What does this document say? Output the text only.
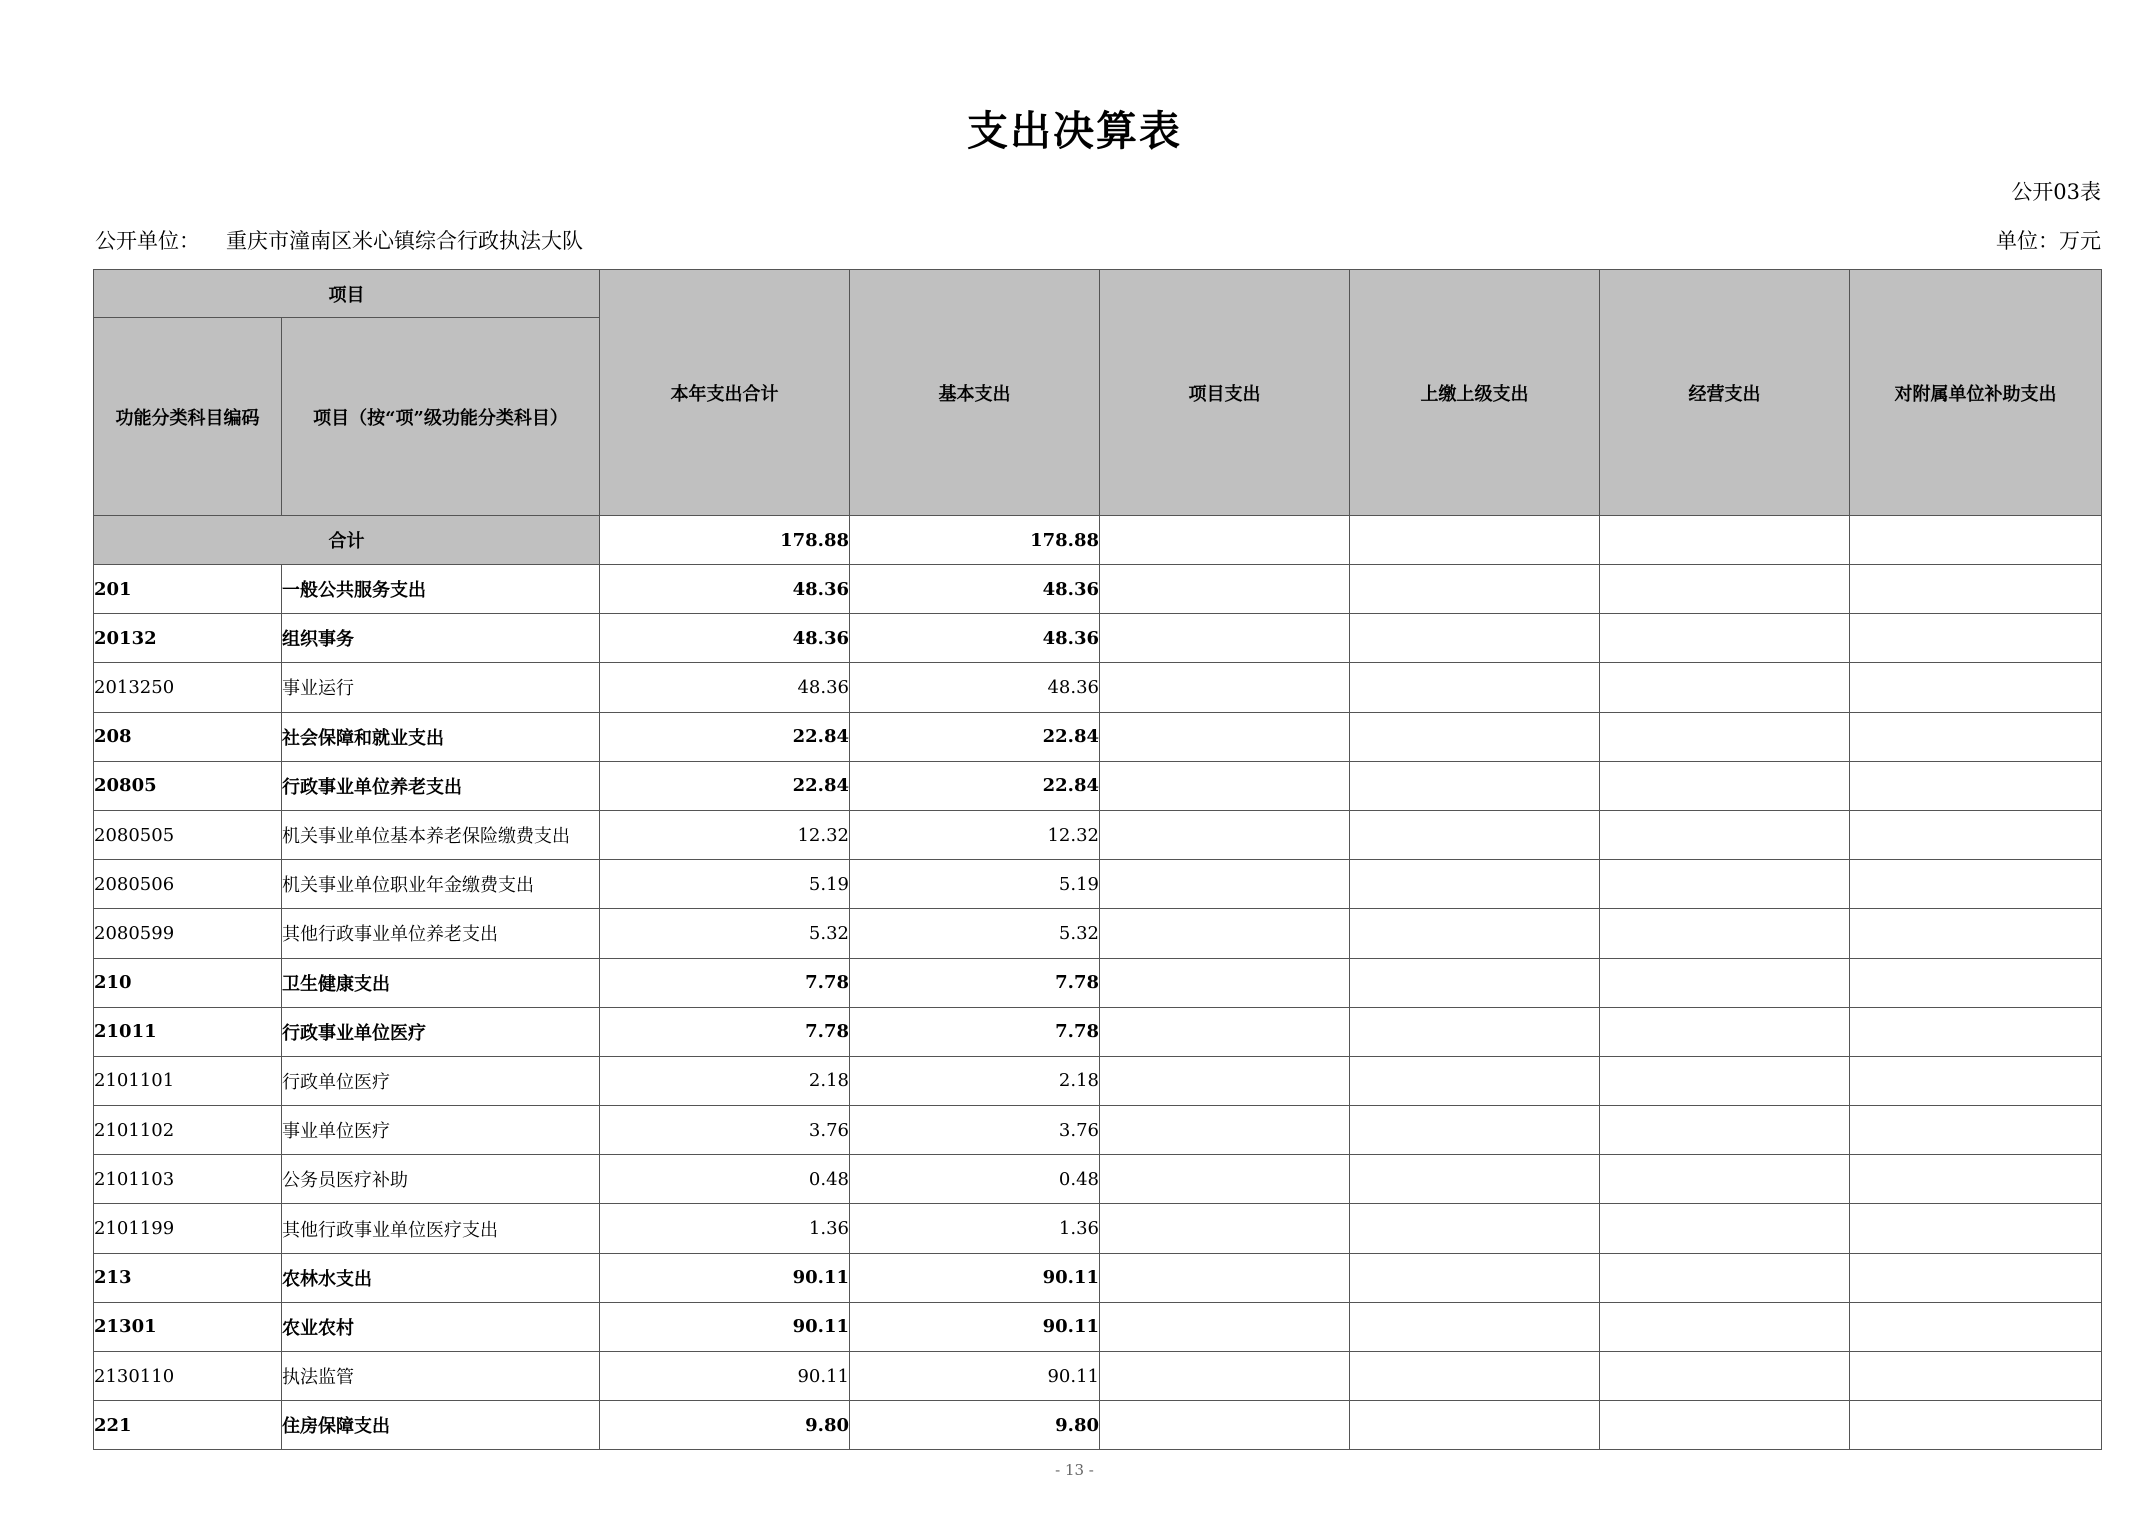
支出决算表
公开03表
公开单位： 重庆市潼南区米心镇综合行政执法大队	单位：万元
项目		本年支出合计	基本支出	项目支出	上缴上级支出	经营支出	对附属单位补助支出
功能分类科目编码	项目（按“项”级功能分类科目）						
合计		178.88	178.88				
201	一般公共服务支出	48.36	48.36				
20132	组织事务	48.36	48.36				
2013250	事业运行	48.36	48.36				
208	社会保障和就业支出	22.84	22.84				
20805	行政事业单位养老支出	22.84	22.84				
2080505	机关事业单位基本养老保险缴费支出	12.32	12.32				
2080506	机关事业单位职业年金缴费支出	5.19	5.19				
2080599	其他行政事业单位养老支出	5.32	5.32				
210	卫生健康支出	7.78	7.78				
21011	行政事业单位医疗	7.78	7.78				
2101101	行政单位医疗	2.18	2.18				
2101102	事业单位医疗	3.76	3.76				
2101103	公务员医疗补助	0.48	0.48				
2101199	其他行政事业单位医疗支出	1.36	1.36				
213	农林水支出	90.11	90.11				
21301	农业农村	90.11	90.11				
2130110	执法监管	90.11	90.11				
221	住房保障支出	9.80	9.80				
- 13 -
